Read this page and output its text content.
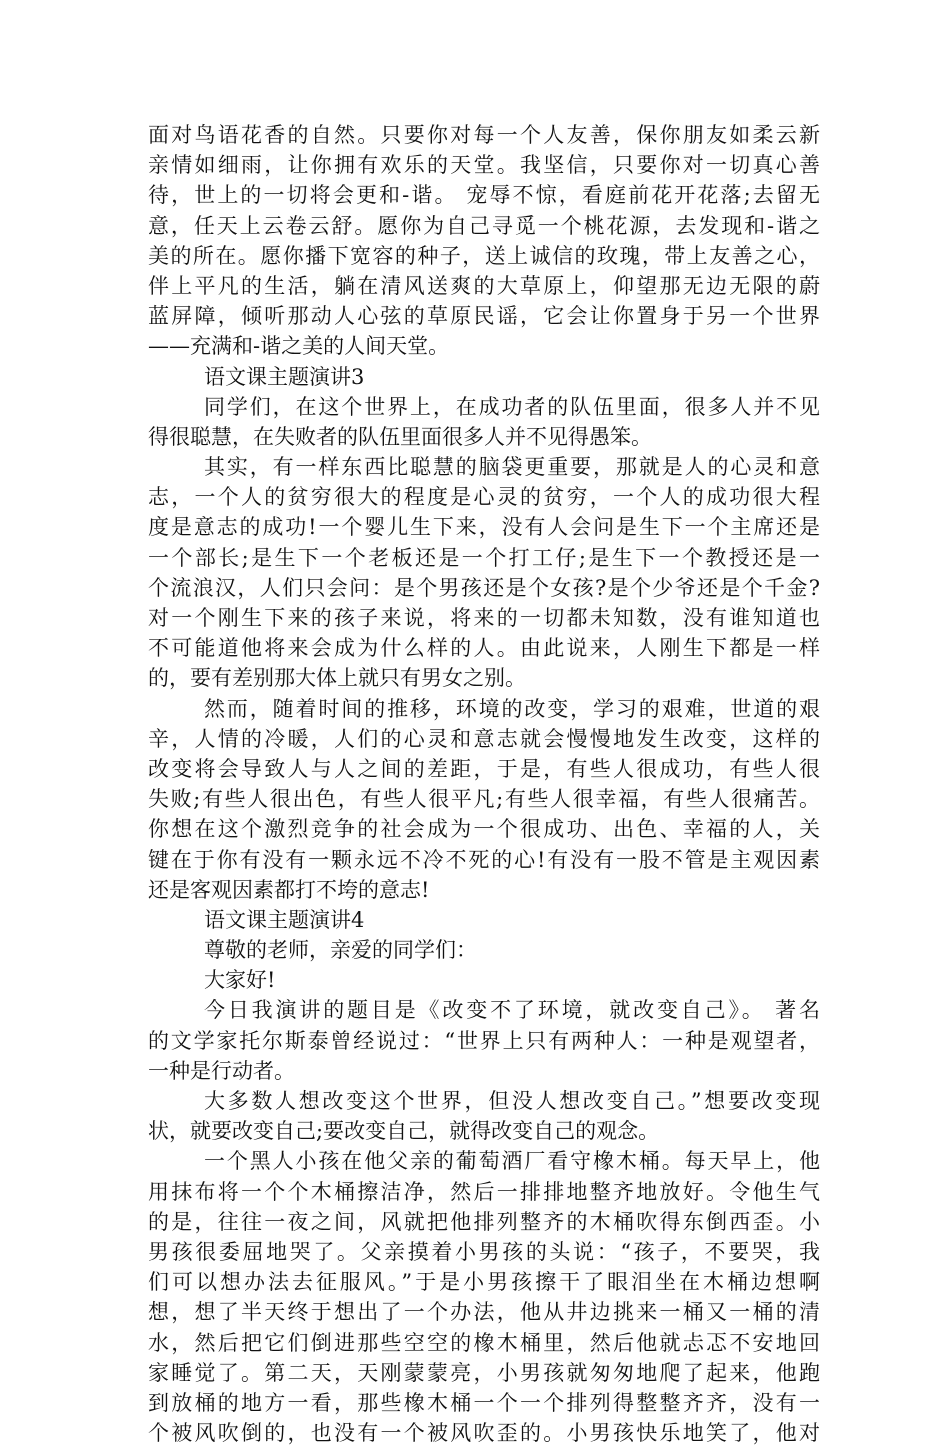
面对鸟语花香的自然。只要你对每一个人友善，保你朋友如柔云新
亲情如细雨，让你拥有欢乐的天堂。我坚信，只要你对一切真心善
待，世上的一切将会更和-谐。 宠辱不惊，看庭前花开花落;去留无
意，任天上云卷云舒。愿你为自己寻觅一个桃花源，去发现和-谐之
美的所在。愿你播下宽容的种子，送上诚信的玫瑰，带上友善之心，
伴上平凡的生活，躺在清风送爽的大草原上，仰望那无边无限的蔚
蓝屏障，倾听那动人心弦的草原民谣，它会让你置身于另一个世界
——充满和-谐之美的人间天堂。
语文课主题演讲3
同学们，在这个世界上，在成功者的队伍里面，很多人并不见
得很聪慧，在失败者的队伍里面很多人并不见得愚笨。
其实，有一样东西比聪慧的脑袋更重要，那就是人的心灵和意
志，一个人的贫穷很大的程度是心灵的贫穷，一个人的成功很大程
度是意志的成功!一个婴儿生下来，没有人会问是生下一个主席还是
一个部长;是生下一个老板还是一个打工仔;是生下一个教授还是一
个流浪汉，人们只会问：是个男孩还是个女孩?是个少爷还是个千金?
对一个刚生下来的孩子来说，将来的一切都未知数，没有谁知道也
不可能道他将来会成为什么样的人。由此说来，人刚生下都是一样
的，要有差别那大体上就只有男女之别。
然而，随着时间的推移，环境的改变，学习的艰难，世道的艰
辛，人情的冷暖，人们的心灵和意志就会慢慢地发生改变，这样的
改变将会导致人与人之间的差距，于是，有些人很成功，有些人很
失败;有些人很出色，有些人很平凡;有些人很幸福，有些人很痛苦。
你想在这个激烈竞争的社会成为一个很成功、出色、幸福的人，关
键在于你有没有一颗永远不冷不死的心!有没有一股不管是主观因素
还是客观因素都打不垮的意志!
语文课主题演讲4
尊敬的老师，亲爱的同学们：
大家好!
今日我演讲的题目是《改变不了环境，就改变自己》。 著名
的文学家托尔斯泰曾经说过：“世界上只有两种人：一种是观望者，
一种是行动者。
大多数人想改变这个世界，但没人想改变自己。”想要改变现
状，就要改变自己;要改变自己，就得改变自己的观念。
一个黑人小孩在他父亲的葡萄酒厂看守橡木桶。每天早上，他
用抹布将一个个木桶擦洁净，然后一排排地整齐地放好。令他生气
的是，往往一夜之间，风就把他排列整齐的木桶吹得东倒西歪。小
男孩很委屈地哭了。父亲摸着小男孩的头说：“孩子，不要哭，我
们可以想办法去征服风。”于是小男孩擦干了眼泪坐在木桶边想啊
想，想了半天终于想出了一个办法，他从井边挑来一桶又一桶的清
水，然后把它们倒进那些空空的橡木桶里，然后他就忐忑不安地回
家睡觉了。第二天，天刚蒙蒙亮，小男孩就匆匆地爬了起来，他跑
到放桶的地方一看，那些橡木桶一个一个排列得整整齐齐，没有一
个被风吹倒的，也没有一个被风吹歪的。小男孩快乐地笑了，他对
